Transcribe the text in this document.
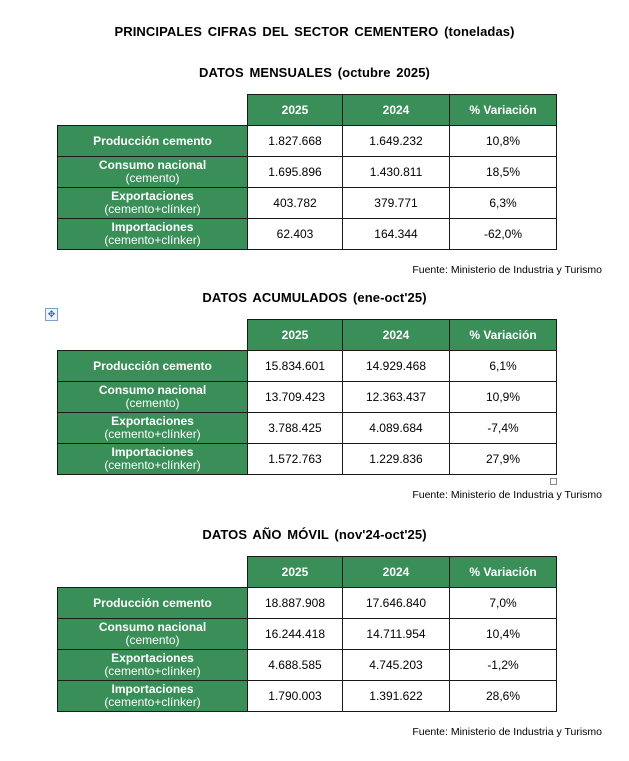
PRINCIPALES CIFRAS DEL SECTOR CEMENTERO (toneladas)
DATOS MENSUALES (octubre 2025)
	2025	2024	% Variación

Producción cemento	1.827.668	1.649.232	10,8%

Consumo nacional
(cemento)	1.695.896	1.430.811	18,5%

Exportaciones
(cemento+clínker)	403.782	379.771	6,3%

Importaciones
(cemento+clínker)	62.403	164.344	-62,0%
Fuente: Ministerio de Industria y Turismo
DATOS ACUMULADOS (ene-oct'25)
✥
	2025	2024	% Variación

Producción cemento	15.834.601	14.929.468	6,1%

Consumo nacional
(cemento)	13.709.423	12.363.437	10,9%

Exportaciones
(cemento+clínker)	3.788.425	4.089.684	-7,4%

Importaciones
(cemento+clínker)	1.572.763	1.229.836	27,9%
Fuente: Ministerio de Industria y Turismo
DATOS AÑO MÓVIL (nov'24-oct'25)
	2025	2024	% Variación

Producción cemento	18.887.908	17.646.840	7,0%

Consumo nacional
(cemento)	16.244.418	14.711.954	10,4%

Exportaciones
(cemento+clínker)	4.688.585	4.745.203	-1,2%

Importaciones
(cemento+clínker)	1.790.003	1.391.622	28,6%
Fuente: Ministerio de Industria y Turismo
